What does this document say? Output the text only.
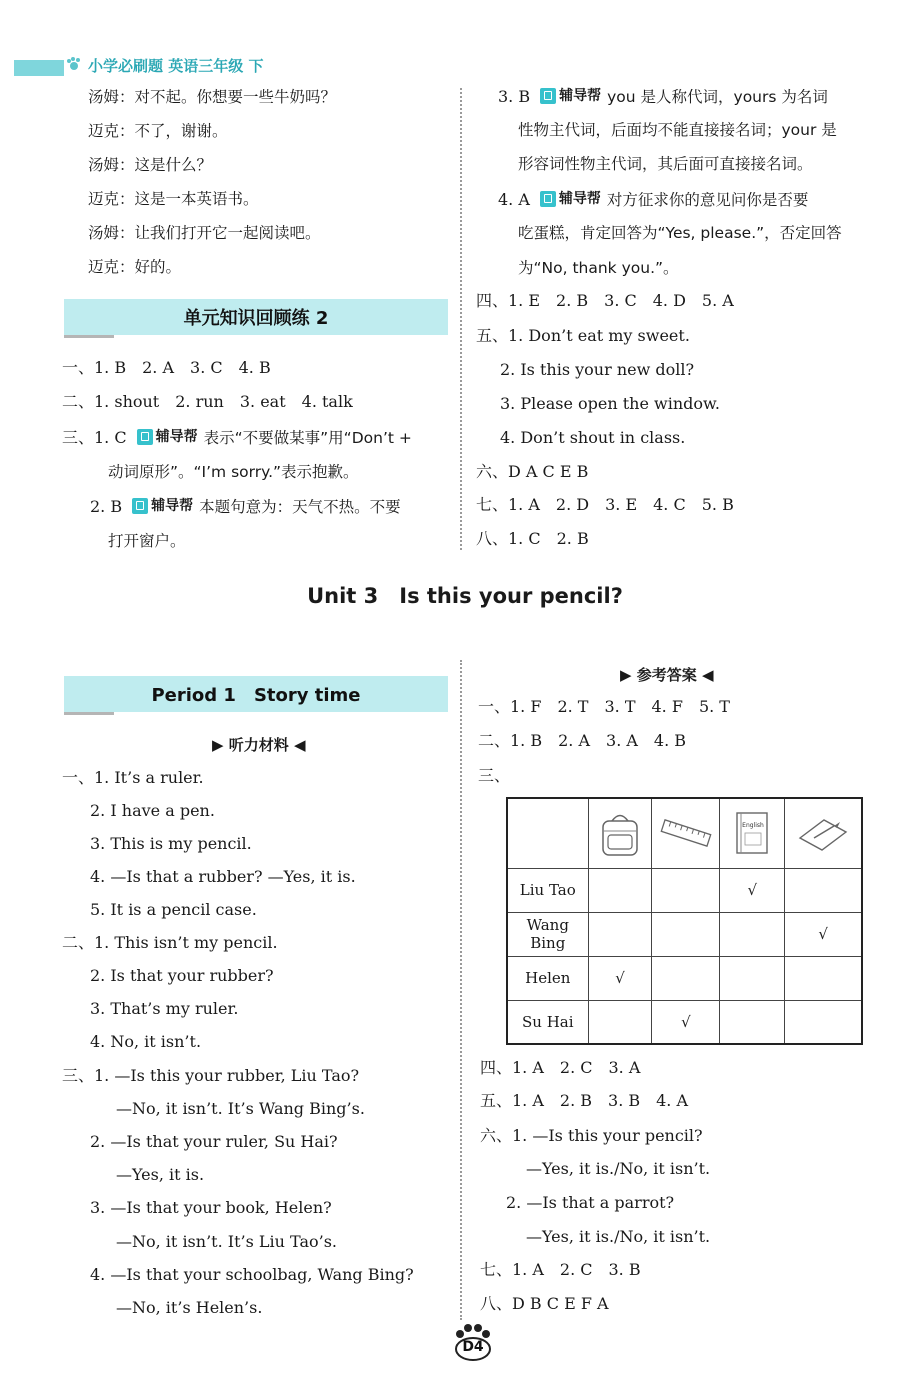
小学必刷题 英语三年级 下
汤姆：对不起。你想要一些牛奶吗？
迈克：不了，谢谢。
汤姆：这是什么？
迈克：这是一本英语书。
汤姆：让我们打开它一起阅读吧。
迈克：好的。
单元知识回顾练 2
一、1. B　2. A　3. C　4. B
二、1. shout　2. run　3. eat　4. talk
三、1. C 辅导帮 表示“不要做某事”用“Don’t +
动词原形”。“I’m sorry.”表示抱歉。
2. B 辅导帮 本题句意为：天气不热。不要
打开窗户。
3. B 辅导帮 you 是人称代词，yours 为名词
性物主代词，后面均不能直接接名词；your 是
形容词性物主代词，其后面可直接接名词。
4. A 辅导帮 对方征求你的意见问你是否要
吃蛋糕，肯定回答为“Yes, please.”，否定回答
为“No, thank you.”。
四、1. E　2. B　3. C　4. D　5. A
五、1. Don’t eat my sweet.
2. Is this your new doll?
3. Please open the window.
4. Don’t shout in class.
六、D A C E B
七、1. A　2. D　3. E　4. C　5. B
八、1. C　2. B
Unit 3　Is this your pencil?
Period 1　Story time
▶ 听力材料 ◀
一、1. It’s a ruler.
2. I have a pen.
3. This is my pencil.
4. —Is that a rubber? —Yes, it is.
5. It is a pencil case.
二、1. This isn’t my pencil.
2. Is that your rubber?
3. That’s my ruler.
4. No, it isn’t.
三、1. —Is this your rubber, Liu Tao?
—No, it isn’t. It’s Wang Bing’s.
2. —Is that your ruler, Su Hai?
—Yes, it is.
3. —Is that your book, Helen?
—No, it isn’t. It’s Liu Tao’s.
4. —Is that your schoolbag, Wang Bing?
—No, it’s Helen’s.
▶ 参考答案 ◀
一、1. F　2. T　3. T　4. F　5. T
二、1. B　2. A　3. A　4. B
三、

English

Liu Tao			√	
Wang Bing				√
Helen	√			
Su Hai		√		
四、1. A　2. C　3. A
五、1. A　2. B　3. B　4. A
六、1. —Is this your pencil?
—Yes, it is./No, it isn’t.
2. —Is that a parrot?
—Yes, it is./No, it isn’t.
七、1. A　2. C　3. B
八、D B C E F A
D4
